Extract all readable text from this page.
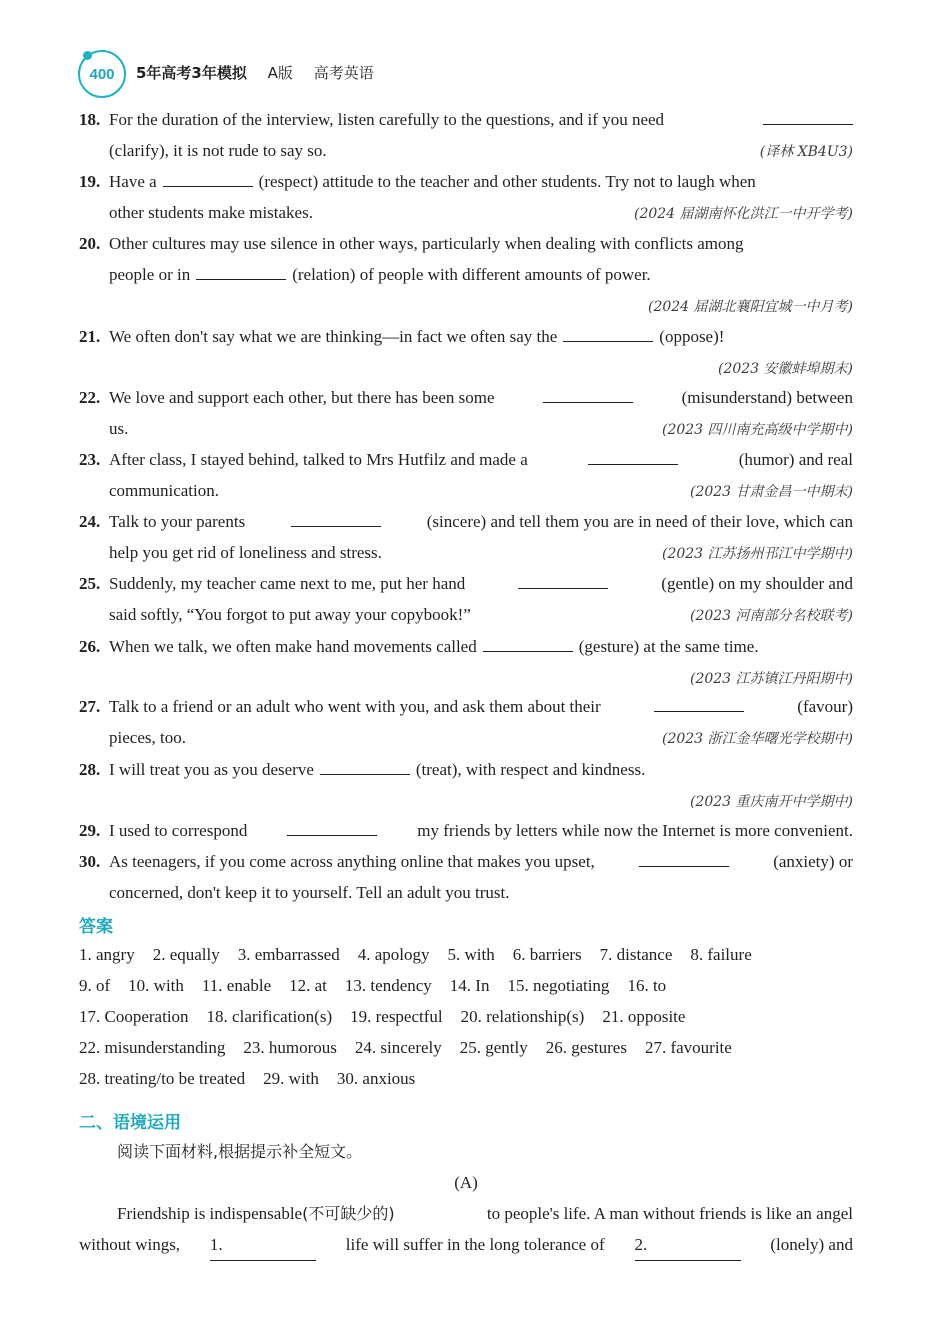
400 5年高考3年模拟 A版 高考英语
18. For the duration of the interview, listen carefully to the questions, and if you need
(clarify), it is not rude to say so.	(译林 XB4U3)
19. Have a	(respect) attitude to the teacher and other students. Try not to laugh when
other students make mistakes.	(2024 届湖南怀化洪江一中开学考)
20. Other cultures may use silence in other ways, particularly when dealing with conflicts among
people or in	(relation) of people with different amounts of power.
(2024 届湖北襄阳宜城一中月考)
21. We often don't say what we are thinking—in fact we often say the	(oppose)!
(2023 安徽蚌埠期末)
22. We love and support each other, but there has been some	(misunderstand) between
us.	(2023 四川南充高级中学期中)
23. After class, I stayed behind, talked to Mrs Hutfilz and made a	(humor) and real
communication.	(2023 甘肃金昌一中期末)
24. Talk to your parents	(sincere) and tell them you are in need of their love, which can
help you get rid of loneliness and stress.	(2023 江苏扬州邗江中学期中)
25. Suddenly, my teacher came next to me, put her hand	(gentle) on my shoulder and
said softly, “You forgot to put away your copybook!”	(2023 河南部分名校联考)
26. When we talk, we often make hand movements called	(gesture) at the same time.
(2023 江苏镇江丹阳期中)
27. Talk to a friend or an adult who went with you, and ask them about their	(favour)
pieces, too.	(2023 浙江金华曙光学校期中)
28. I will treat you as you deserve	(treat), with respect and kindness.
(2023 重庆南开中学期中)
29. I used to correspond	my friends by letters while now the Internet is more convenient.
30. As teenagers, if you come across anything online that makes you upset,	(anxiety) or
concerned, don't keep it to yourself. Tell an adult you trust.
答案
1. angry 2. equally 3. embarrassed 4. apology 5. with 6. barriers 7. distance 8. failure
9. of 10. with 11. enable 12. at 13. tendency 14. In 15. negotiating 16. to
17. Cooperation 18. clarification(s) 19. respectful 20. relationship(s) 21. opposite
22. misunderstanding 23. humorous 24. sincerely 25. gently 26. gestures 27. favourite
28. treating/to be treated 29. with 30. anxious
二、语境运用
阅读下面材料,根据提示补全短文。
(A)
Friendship is indispensable(不可缺少的)	to people's life. A man without friends is like an angel
without wings, 1.	life will suffer in the long tolerance of 2.	(lonely) and
